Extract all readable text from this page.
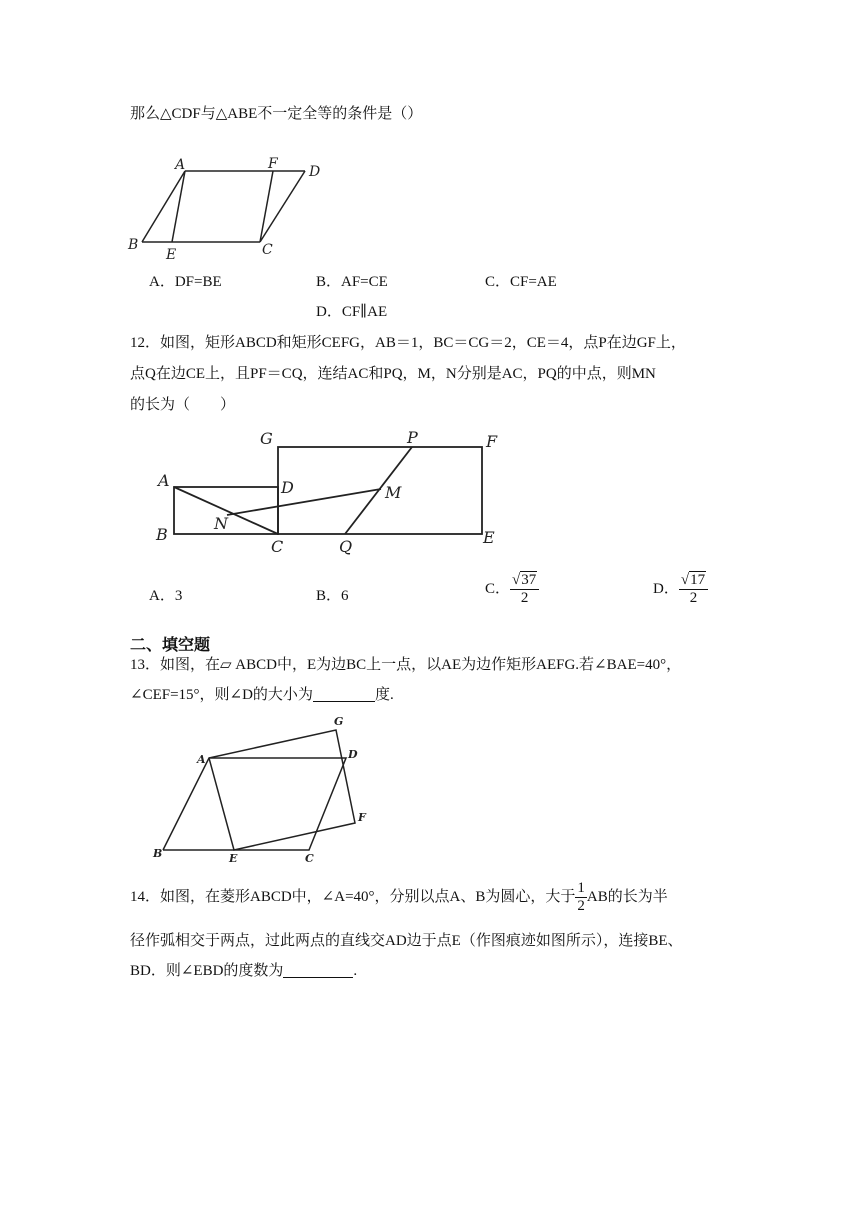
那么△CDF与△ABE不一定全等的条件是（）
A	F D
B
E	C
A．DF=BE	B．AF=CE	C．CF=AE
D．CF∥AE
12．如图，矩形ABCD和矩形CEFG，AB＝1，BC＝CG＝2，CE＝4，点P在边GF上，
点Q在边CE上，且PF＝CQ，连结AC和PQ，M，N分别是AC，PQ的中点，则MN
的长为（　　）
G	P	F
A	D	M
N
B
C	Q	E
A．3	B．6	C． $\frac{√37}{2}$	D． $\frac{√17}{2}$
二、填空题
13．如图，在▱ ABCD中，E为边BC上一点，以AE为边作矩形AEFG.若∠BAE=40°，
∠CEF=15°，则∠D的大小为	度.
G
A	D
F
B	E	C
14．如图，在菱形ABCD中，∠A=40°，分别以点A、B为圆心，大于 $\frac{1}{2}$ AB的长为半
径作弧相交于两点，过此两点的直线交AD边于点E（作图痕迹如图所示），连接BE、
BD．则∠EBD的度数为	.
